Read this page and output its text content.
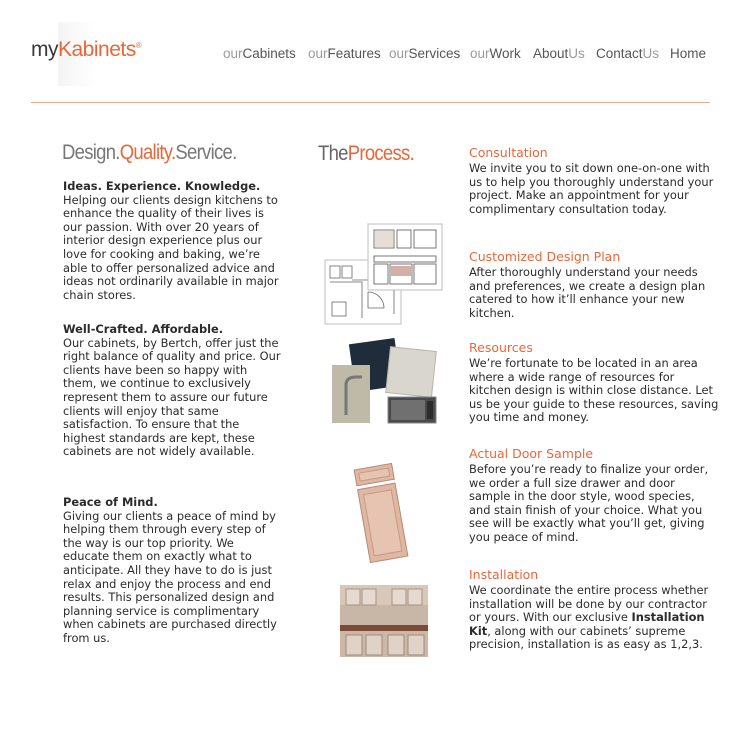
myKabinets®
ourCabinets ourFeatures ourServices ourWork AboutUs ContactUs Home
Design.Quality.Service.
Ideas. Experience. Knowledge.
Helping our clients design kitchens to enhance the quality of their lives is our passion. With over 20 years of interior design experience plus our love for cooking and baking, we’re able to offer personalized advice and ideas not ordinarily available in major chain stores.
Well-Crafted. Affordable.
Our cabinets, by Bertch, offer just the right balance of quality and price. Our clients have been so happy with them, we continue to exclusively represent them to assure our future clients will enjoy that same satisfaction. To ensure that the highest standards are kept, these cabinets are not widely available.
Peace of Mind.
Giving our clients a peace of mind by helping them through every step of the way is our top priority. We educate them on exactly what to anticipate. All they have to do is just relax and enjoy the process and end results. This personalized design and planning service is complimentary when cabinets are purchased directly from us.
TheProcess.	Consultation
We invite you to sit down one-on-one with us to help you thoroughly understand your project. Make an appointment for your complimentary consultation today.
Customized Design Plan
After thoroughly understand your needs and preferences, we create a design plan catered to how it’ll enhance your new kitchen.
Resources
We’re fortunate to be located in an area where a wide range of resources for kitchen design is within close distance. Let us be your guide to these resources, saving you time and money.
Actual Door Sample
Before you’re ready to finalize your order, we order a full size drawer and door sample in the door style, wood species, and stain finish of your choice. What you see will be exactly what you’ll get, giving you peace of mind.
Installation
We coordinate the entire process whether installation will be done by our contractor or yours. With our exclusive Installation Kit, along with our cabinets’ supreme precision, installation is as easy as 1,2,3.
